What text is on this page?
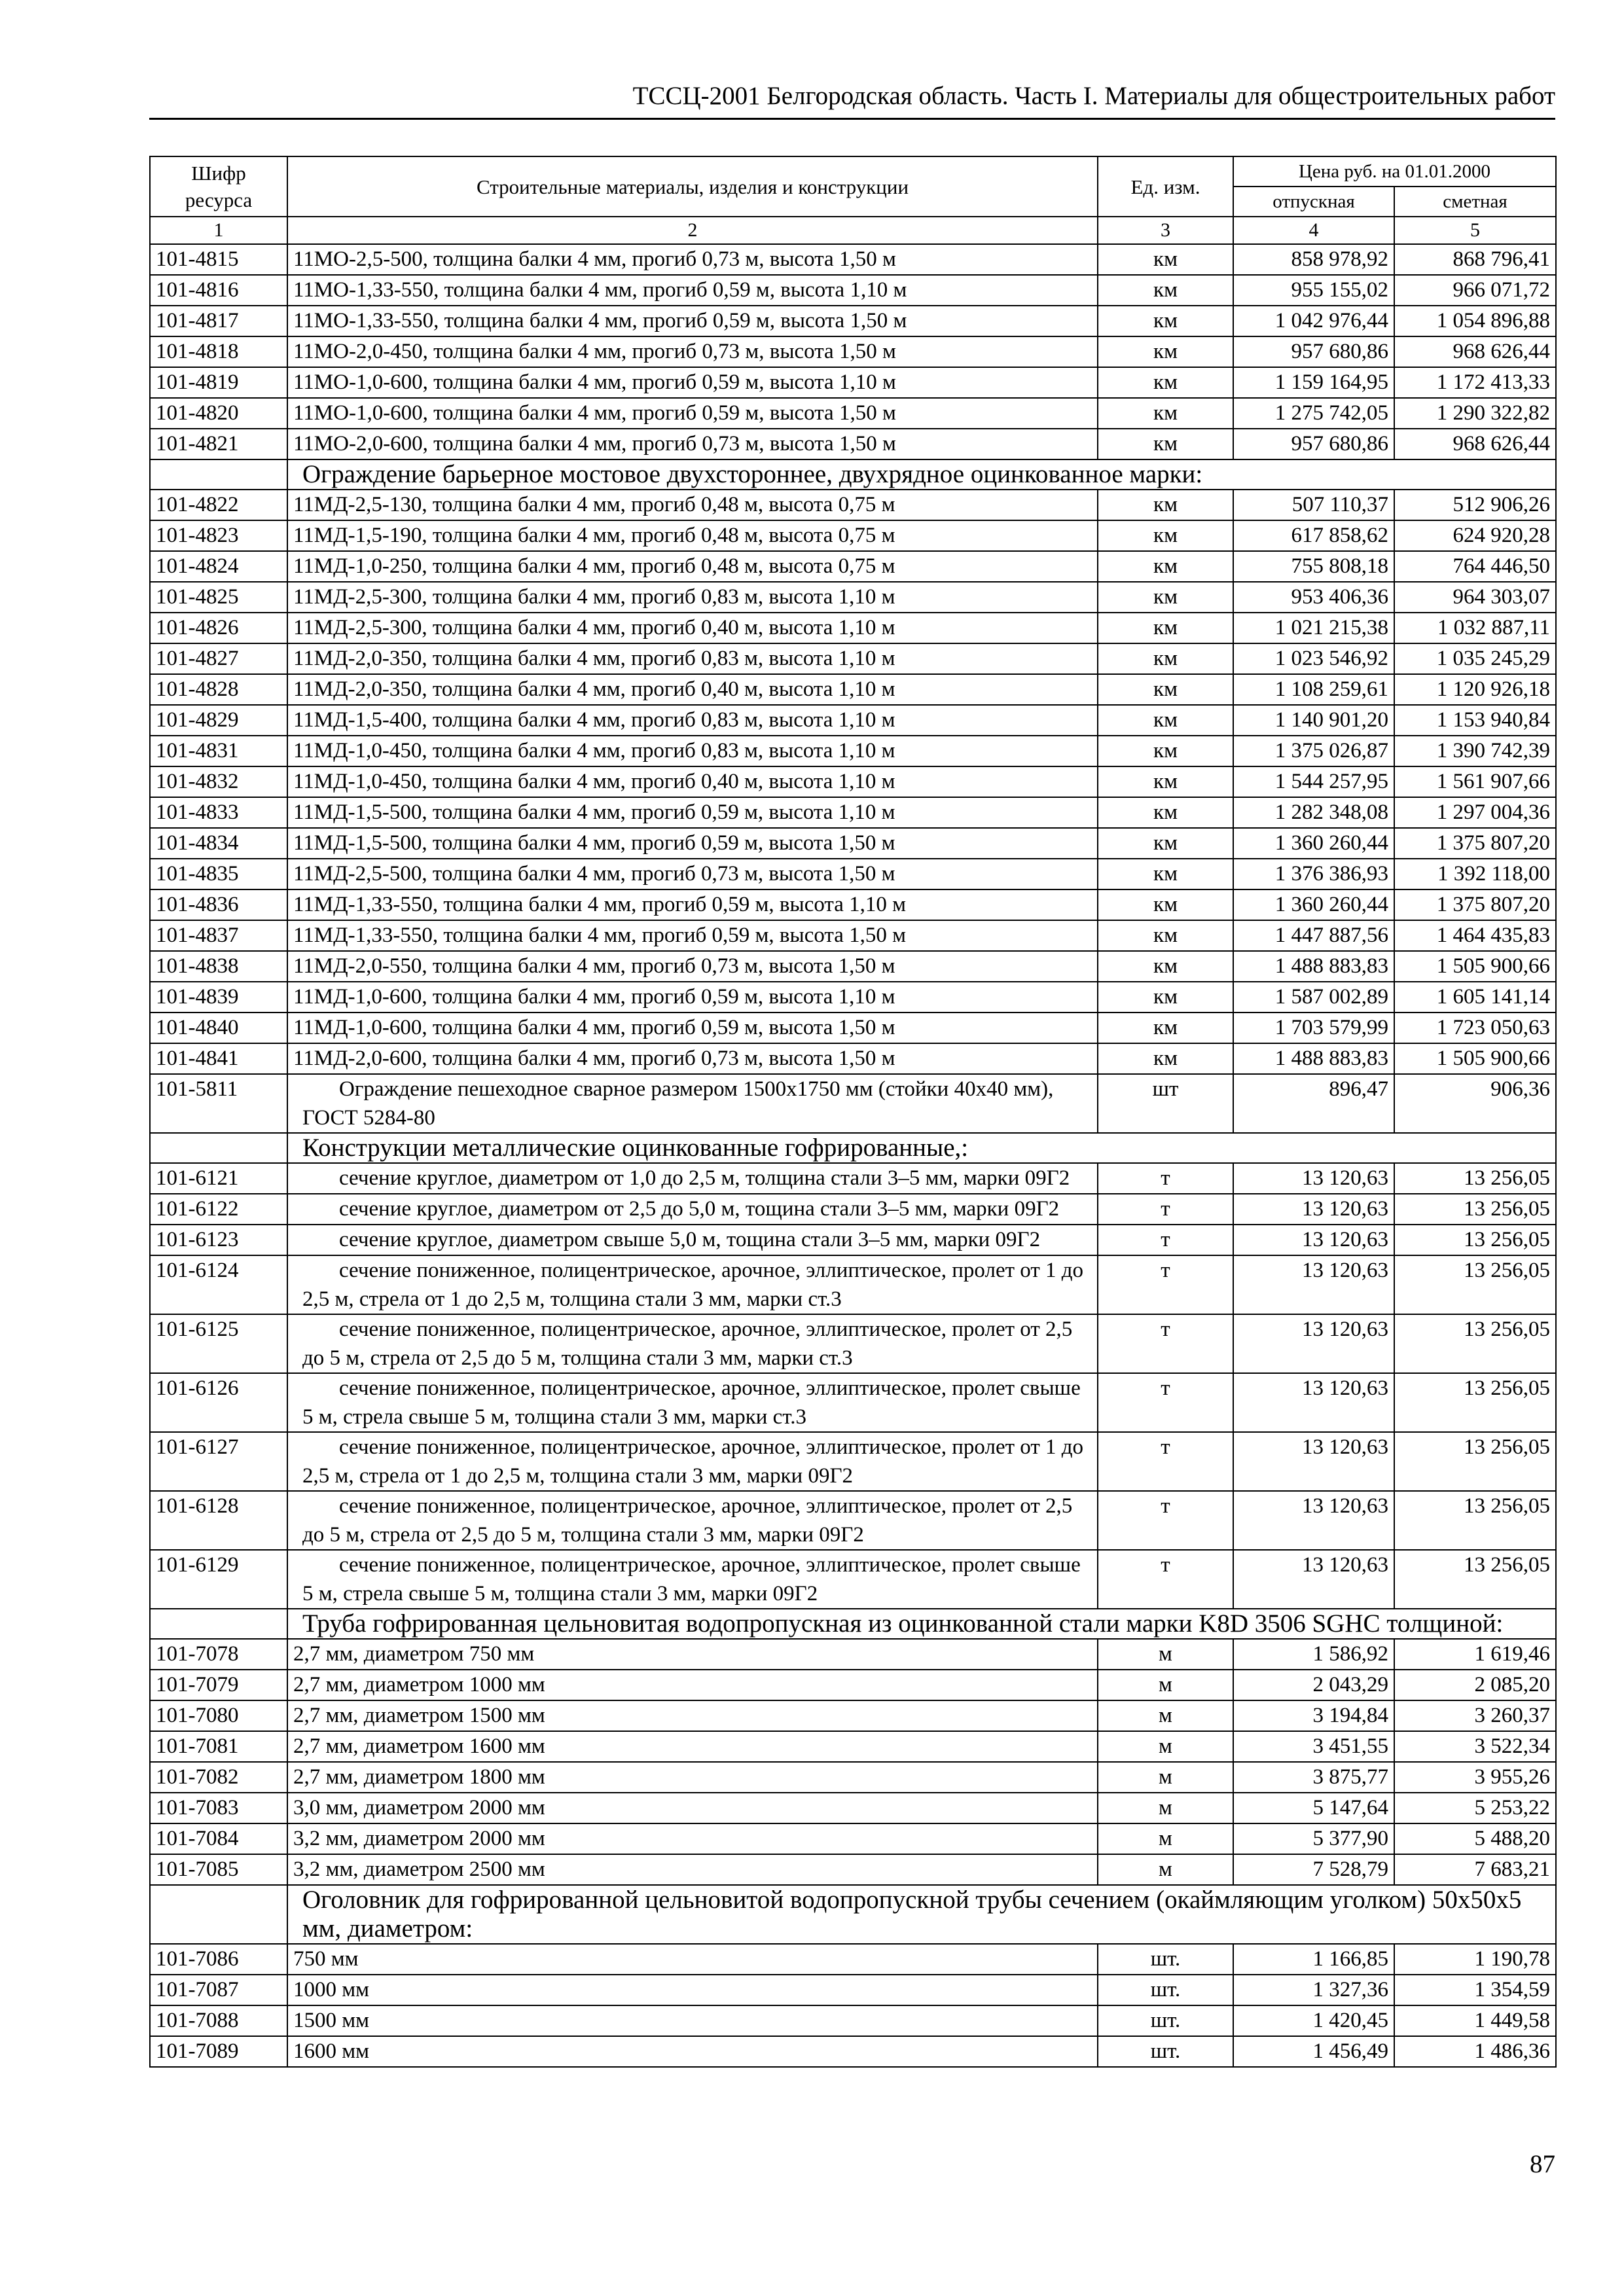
ТССЦ-2001 Белгородская область. Часть I. Материалы для общестроительных работ
Шифр ресурса	Строительные материалы, изделия и конструкции	Ед. изм.	Цена руб. на 01.01.2000	
			отпускная	сметная
1	2	3	4	5
101-4815	11МО-2,5-500, толщина балки 4 мм, прогиб 0,73 м, высота 1,50 м	км	858 978,92	868 796,41
101-4816	11МО-1,33-550, толщина балки 4 мм, прогиб 0,59 м, высота 1,10 м	км	955 155,02	966 071,72
101-4817	11МО-1,33-550, толщина балки 4 мм, прогиб 0,59 м, высота 1,50 м	км	1 042 976,44	1 054 896,88
101-4818	11МО-2,0-450, толщина балки 4 мм, прогиб 0,73 м, высота 1,50 м	км	957 680,86	968 626,44
101-4819	11МО-1,0-600, толщина балки 4 мм, прогиб 0,59 м, высота 1,10 м	км	1 159 164,95	1 172 413,33
101-4820	11МО-1,0-600, толщина балки 4 мм, прогиб 0,59 м, высота 1,50 м	км	1 275 742,05	1 290 322,82
101-4821	11МО-2,0-600, толщина балки 4 мм, прогиб 0,73 м, высота 1,50 м	км	957 680,86	968 626,44
	Ограждение барьерное мостовое двухстороннее, двухрядное оцинкованное марки:			
101-4822	11МД-2,5-130, толщина балки 4 мм, прогиб 0,48 м, высота 0,75 м	км	507 110,37	512 906,26
101-4823	11МД-1,5-190, толщина балки 4 мм, прогиб 0,48 м, высота 0,75 м	км	617 858,62	624 920,28
101-4824	11МД-1,0-250, толщина балки 4 мм, прогиб 0,48 м, высота 0,75 м	км	755 808,18	764 446,50
101-4825	11МД-2,5-300, толщина балки 4 мм, прогиб 0,83 м, высота 1,10 м	км	953 406,36	964 303,07
101-4826	11МД-2,5-300, толщина балки 4 мм, прогиб 0,40 м, высота 1,10 м	км	1 021 215,38	1 032 887,11
101-4827	11МД-2,0-350, толщина балки 4 мм, прогиб 0,83 м, высота 1,10 м	км	1 023 546,92	1 035 245,29
101-4828	11МД-2,0-350, толщина балки 4 мм, прогиб 0,40 м, высота 1,10 м	км	1 108 259,61	1 120 926,18
101-4829	11МД-1,5-400, толщина балки 4 мм, прогиб 0,83 м, высота 1,10 м	км	1 140 901,20	1 153 940,84
101-4831	11МД-1,0-450, толщина балки 4 мм, прогиб 0,83 м, высота 1,10 м	км	1 375 026,87	1 390 742,39
101-4832	11МД-1,0-450, толщина балки 4 мм, прогиб 0,40 м, высота 1,10 м	км	1 544 257,95	1 561 907,66
101-4833	11МД-1,5-500, толщина балки 4 мм, прогиб 0,59 м, высота 1,10 м	км	1 282 348,08	1 297 004,36
101-4834	11МД-1,5-500, толщина балки 4 мм, прогиб 0,59 м, высота 1,50 м	км	1 360 260,44	1 375 807,20
101-4835	11МД-2,5-500, толщина балки 4 мм, прогиб 0,73 м, высота 1,50 м	км	1 376 386,93	1 392 118,00
101-4836	11МД-1,33-550, толщина балки 4 мм, прогиб 0,59 м, высота 1,10 м	км	1 360 260,44	1 375 807,20
101-4837	11МД-1,33-550, толщина балки 4 мм, прогиб 0,59 м, высота 1,50 м	км	1 447 887,56	1 464 435,83
101-4838	11МД-2,0-550, толщина балки 4 мм, прогиб 0,73 м, высота 1,50 м	км	1 488 883,83	1 505 900,66
101-4839	11МД-1,0-600, толщина балки 4 мм, прогиб 0,59 м, высота 1,10 м	км	1 587 002,89	1 605 141,14
101-4840	11МД-1,0-600, толщина балки 4 мм, прогиб 0,59 м, высота 1,50 м	км	1 703 579,99	1 723 050,63
101-4841	11МД-2,0-600, толщина балки 4 мм, прогиб 0,73 м, высота 1,50 м	км	1 488 883,83	1 505 900,66
101-5811	Ограждение пешеходное сварное размером 1500х1750 мм (стойки 40х40 мм), ГОСТ 5284-80	шт	896,47	906,36
	Конструкции металлические оцинкованные гофрированные,:			
101-6121	сечение круглое, диаметром от 1,0 до 2,5 м, толщина стали 3–5 мм, марки 09Г2	т	13 120,63	13 256,05
101-6122	сечение круглое, диаметром от 2,5 до 5,0 м, тощина стали 3–5 мм, марки 09Г2	т	13 120,63	13 256,05
101-6123	сечение круглое, диаметром свыше 5,0 м, тощина стали 3–5 мм, марки 09Г2	т	13 120,63	13 256,05
101-6124	сечение пониженное, полицентрическое, арочное, эллиптическое, пролет от 1 до 2,5 м, стрела от 1 до 2,5 м, толщина стали 3 мм, марки ст.3	т	13 120,63	13 256,05
101-6125	сечение пониженное, полицентрическое, арочное, эллиптическое, пролет от 2,5 до 5 м, стрела от 2,5 до 5 м, толщина стали 3 мм, марки ст.3	т	13 120,63	13 256,05
101-6126	сечение пониженное, полицентрическое, арочное, эллиптическое, пролет свыше 5 м, стрела свыше 5 м, толщина стали 3 мм, марки ст.3	т	13 120,63	13 256,05
101-6127	сечение пониженное, полицентрическое, арочное, эллиптическое, пролет от 1 до 2,5 м, стрела от 1 до 2,5 м, толщина стали 3 мм, марки 09Г2	т	13 120,63	13 256,05
101-6128	сечение пониженное, полицентрическое, арочное, эллиптическое, пролет от 2,5 до 5 м, стрела от 2,5 до 5 м, толщина стали 3 мм, марки 09Г2	т	13 120,63	13 256,05
101-6129	сечение пониженное, полицентрическое, арочное, эллиптическое, пролет свыше 5 м, стрела свыше 5 м, толщина стали 3 мм, марки 09Г2	т	13 120,63	13 256,05
	Труба гофрированная цельновитая водопропускная из оцинкованной стали марки K8D 3506 SGHC толщиной:			
101-7078	2,7 мм, диаметром 750 мм	м	1 586,92	1 619,46
101-7079	2,7 мм, диаметром 1000 мм	м	2 043,29	2 085,20
101-7080	2,7 мм, диаметром 1500 мм	м	3 194,84	3 260,37
101-7081	2,7 мм, диаметром 1600 мм	м	3 451,55	3 522,34
101-7082	2,7 мм, диаметром 1800 мм	м	3 875,77	3 955,26
101-7083	3,0 мм, диаметром 2000 мм	м	5 147,64	5 253,22
101-7084	3,2 мм, диаметром 2000 мм	м	5 377,90	5 488,20
101-7085	3,2 мм, диаметром 2500 мм	м	7 528,79	7 683,21
	Оголовник для гофрированной цельновитой водопропускной трубы сечением (окаймляющим уголком) 50х50х5 мм, диаметром:			
101-7086	750 мм	шт.	1 166,85	1 190,78
101-7087	1000 мм	шт.	1 327,36	1 354,59
101-7088	1500 мм	шт.	1 420,45	1 449,58
101-7089	1600 мм	шт.	1 456,49	1 486,36
87
